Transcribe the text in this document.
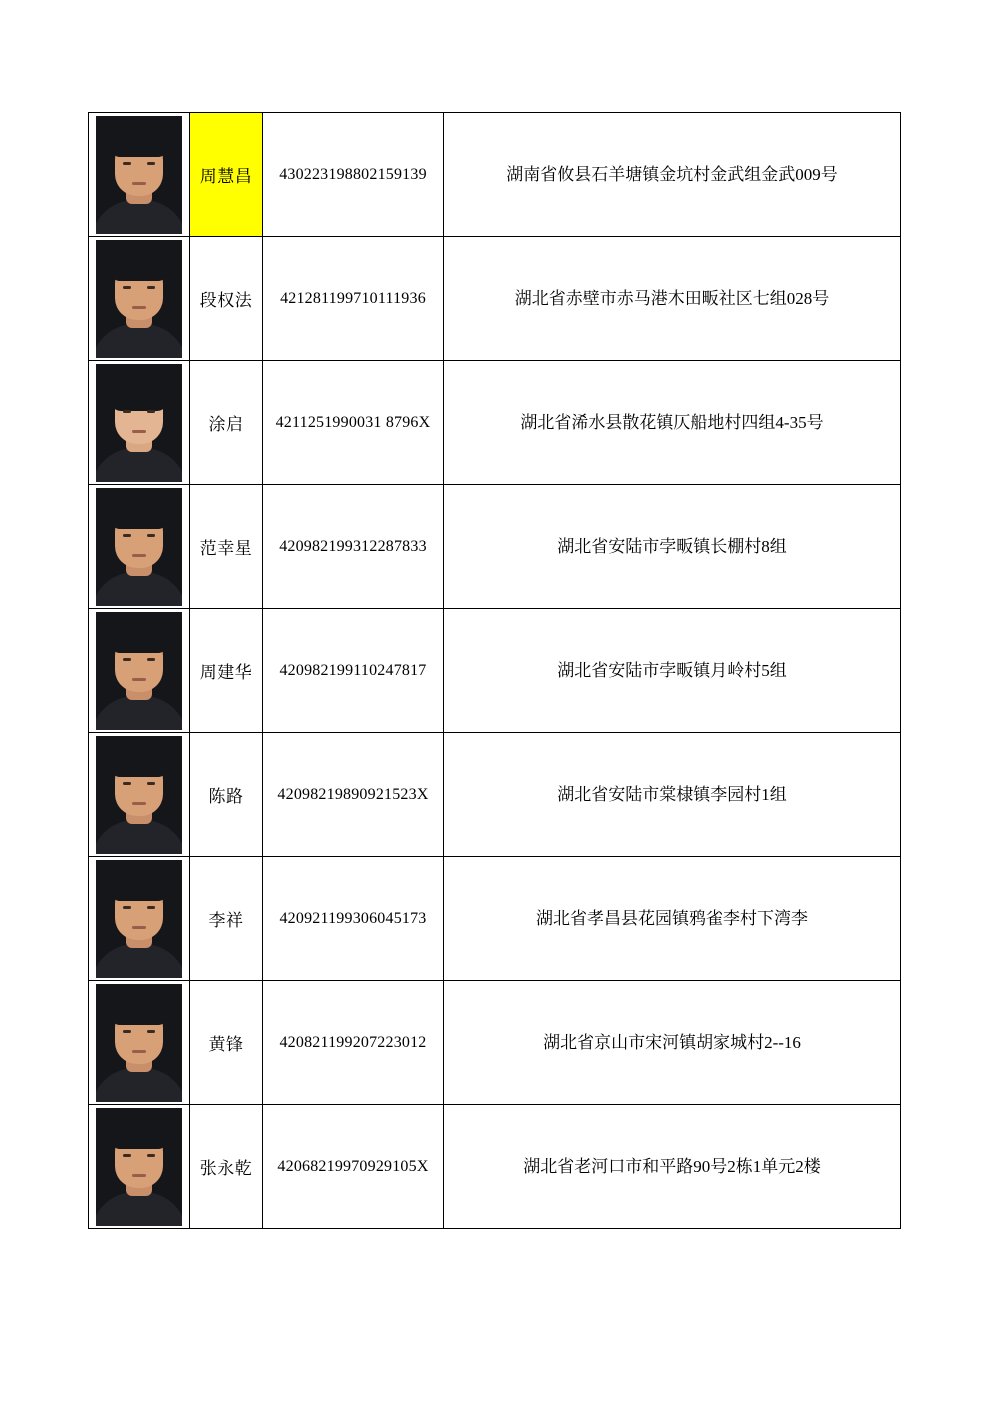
	周慧昌	430223198802159139	湖南省攸县石羊塘镇金坑村金武组金武009号

	段权法	421281199710111936	湖北省赤壁市赤马港木田畈社区七组028号

	涂启	4211251990031 8796X	湖北省浠水县散花镇仄船地村四组4-35号

	范幸星	420982199312287833	湖北省安陆市孛畈镇长棚村8组

	周建华	420982199110247817	湖北省安陆市孛畈镇月岭村5组

	陈路	42098219890921523X	湖北省安陆市棠棣镇李园村1组

	李祥	420921199306045173	湖北省孝昌县花园镇鸦雀李村下湾李

	黄锋	420821199207223012	湖北省京山市宋河镇胡家城村2--16

	张永乾	42068219970929105X	湖北省老河口市和平路90号2栋1单元2楼
